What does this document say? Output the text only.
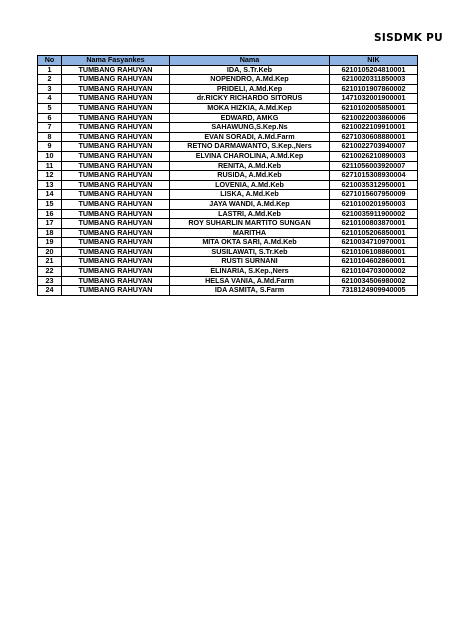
SISDMK PU
No	Nama Fasyankes	Nama	NIK
1	TUMBANG RAHUYAN	IDA, S.Tr.Keb	6210105204810001
2	TUMBANG RAHUYAN	NOPENDRO, A.Md.Kep	6210020311850003
3	TUMBANG RAHUYAN	PRIDELI, A.Md.Kep	6210101907860002
4	TUMBANG RAHUYAN	dr.RICKY RICHARDO SITORUS	1471032001900001
5	TUMBANG RAHUYAN	MOKA HIZKIA, A.Md.Kep	6210102005850001
6	TUMBANG RAHUYAN	EDWARD, AMKG	6210022003860006
7	TUMBANG RAHUYAN	SAHAWUNG,S.Kep.Ns	6210022109910001
8	TUMBANG RAHUYAN	EVAN SORADI, A.Md.Farm	6271030608880001
9	TUMBANG RAHUYAN	RETNO DARMAWANTO, S.Kep.,Ners	6210022703940007
10	TUMBANG RAHUYAN	ELVINA CHAROLINA, A.Md.Kep	6210026210890003
11	TUMBANG RAHUYAN	RENITA, A.Md.Keb	6211056003920007
12	TUMBANG RAHUYAN	RUSIDA, A.Md.Keb	6271015308930004
13	TUMBANG RAHUYAN	LOVENIA, A.Md.Keb	6210035312950001
14	TUMBANG RAHUYAN	LISKA, A.Md.Keb	6271015607950009
15	TUMBANG RAHUYAN	JAYA WANDI, A.Md.Kep	6210100201950003
16	TUMBANG RAHUYAN	LASTRI, A.Md.Keb	6210035911900002
17	TUMBANG RAHUYAN	ROY SUHARLIN MARTITO SUNGAN	6210100803870001
18	TUMBANG RAHUYAN	MARITHA	6210105206850001
19	TUMBANG RAHUYAN	MITA OKTA SARI, A.Md.Keb	6210034710970001
20	TUMBANG RAHUYAN	SUSILAWATI, S.Tr.Keb	6210106108860001
21	TUMBANG RAHUYAN	RUSTI SURNANI	6210104602860001
22	TUMBANG RAHUYAN	ELINARIA, S.Kep.,Ners	6210104703000002
23	TUMBANG RAHUYAN	HELSA VANIA, A.Md.Farm	6210034506980002
24	TUMBANG RAHUYAN	IDA ASMITA, S.Farm	7318124909940005
